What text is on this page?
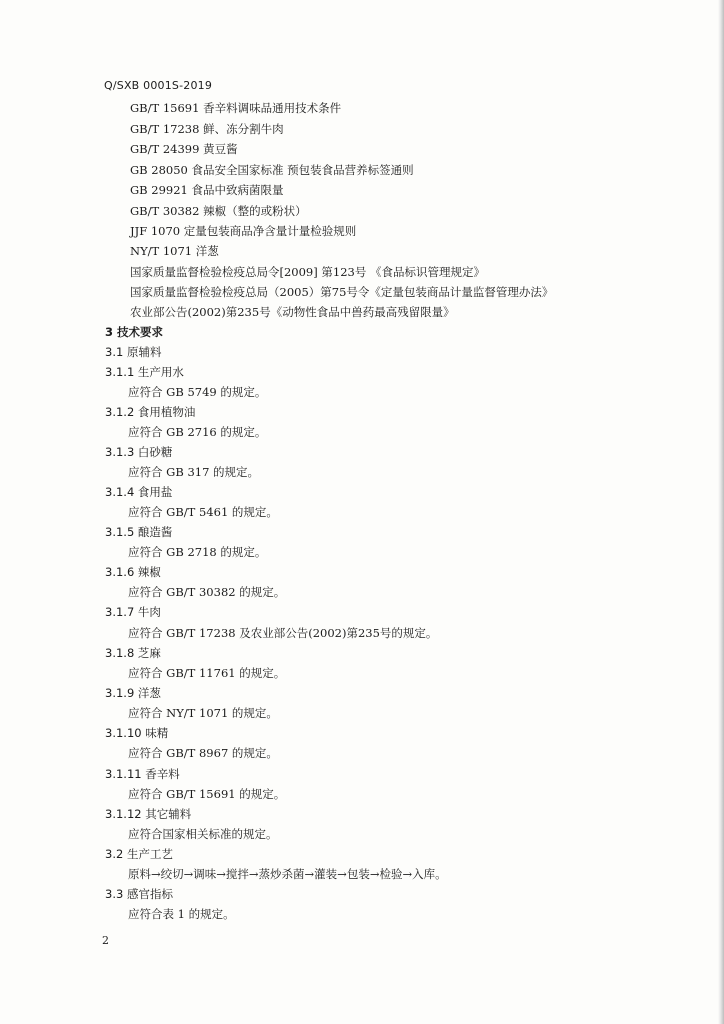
Q/SXB 0001S-2019
GB/T 15691 香辛料调味品通用技术条件
GB/T 17238 鲜、冻分割牛肉
GB/T 24399 黄豆酱
GB 28050 食品安全国家标准 预包装食品营养标签通则
GB 29921 食品中致病菌限量
GB/T 30382 辣椒（整的或粉状）
JJF 1070 定量包装商品净含量计量检验规则
NY/T 1071 洋葱
国家质量监督检验检疫总局令[2009] 第123号 《食品标识管理规定》
国家质量监督检验检疫总局（2005）第75号令《定量包装商品计量监督管理办法》
农业部公告(2002)第235号《动物性食品中兽药最高残留限量》
3 技术要求
3.1 原辅料
3.1.1 生产用水
应符合 GB 5749 的规定。
3.1.2 食用植物油
应符合 GB 2716 的规定。
3.1.3 白砂糖
应符合 GB 317 的规定。
3.1.4 食用盐
应符合 GB/T 5461 的规定。
3.1.5 酿造酱
应符合 GB 2718 的规定。
3.1.6 辣椒
应符合 GB/T 30382 的规定。
3.1.7 牛肉
应符合 GB/T 17238 及农业部公告(2002)第235号的规定。
3.1.8 芝麻
应符合 GB/T 11761 的规定。
3.1.9 洋葱
应符合 NY/T 1071 的规定。
3.1.10 味精
应符合 GB/T 8967 的规定。
3.1.11 香辛料
应符合 GB/T 15691 的规定。
3.1.12 其它辅料
应符合国家相关标准的规定。
3.2 生产工艺
原料→绞切→调味→搅拌→蒸炒杀菌→灌装→包装→检验→入库。
3.3 感官指标
应符合表 1 的规定。
2
